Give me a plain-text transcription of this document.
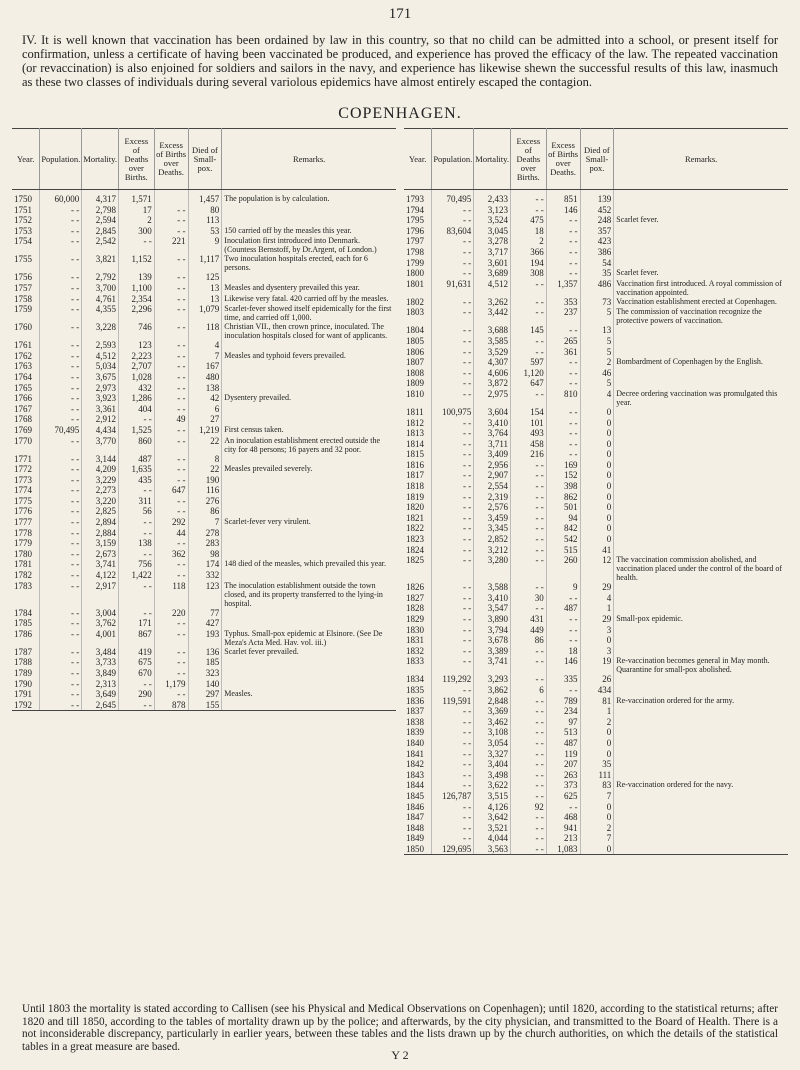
171

IV. It is well known that vaccination has been ordained by law in this country, so that no child can be admitted into a school, or present itself for confirmation, unless a certificate of having been vaccinated be produced, and experience has proved the efficacy of the law. The repeated vaccination (or revaccination) is also enjoined for soldiers and sailors in the navy, and experience has likewise shewn the successful results of this law, inasmuch as these two classes of individuals during several variolous epidemics have almost entirely escaped the contagion.

COPENHAGEN.
Year.	Population.	Mortality.	Excess of Deaths over Births.	Excess of Births over Deaths.	Died of Small-pox.	Remarks.
1750	60,000	4,317	1,571		1,457	The population is by calculation.
1751	- -	2,798	17	- -	80	
1752	- -	2,594	2	- -	113	
1753	- -	2,845	300	- -	53	150 carried off by the measles this year.
1754	- -	2,542	- -	221	9	Inoculation first introduced into Denmark. (Countess Bernstoff, by Dr.Argent, of London.)
1755	- -	3,821	1,152	- -	1,117	Two inoculation hospitals erected, each for 6 persons.
1756	- -	2,792	139	- -	125	
1757	- -	3,700	1,100	- -	13	Measles and dysentery prevailed this year.
1758	- -	4,761	2,354	- -	13	Likewise very fatal. 420 carried off by the measles.
1759	- -	4,355	2,296	- -	1,079	Scarlet-fever showed itself epidemically for the first time, and carried off 1,000.
1760	- -	3,228	746	- -	118	Christian VII., then crown prince, inoculated. The inoculation hospitals closed for want of applicants.
1761	- -	2,593	123	- -	4	
1762	- -	4,512	2,223	- -	7	Measles and typhoid fevers prevailed.
1763	- -	5,034	2,707	- -	167	
1764	- -	3,675	1,028	- -	480	
1765	- -	2,973	432	- -	138	
1766	- -	3,923	1,286	- -	42	Dysentery prevailed.
1767	- -	3,361	404	- -	6	
1768	- -	2,912	- -	49	27	
1769	70,495	4,434	1,525	- -	1,219	First census taken.
1770	- -	3,770	860	- -	22	An inoculation establishment erected outside the city for 48 persons; 16 payers and 32 poor.
1771	- -	3,144	487	- -	8	
1772	- -	4,209	1,635	- -	22	Measles prevailed severely.
1773	- -	3,229	435	- -	190	
1774	- -	2,273	- -	647	116	
1775	- -	3,220	311	- -	276	
1776	- -	2,825	56	- -	86	
1777	- -	2,894	- -	292	7	Scarlet-fever very virulent.
1778	- -	2,884	- -	44	278	
1779	- -	3,159	138	- -	283	
1780	- -	2,673	- -	362	98	
1781	- -	3,741	756	- -	174	148 died of the measles, which prevailed this year.
1782	- -	4,122	1,422	- -	332	
1783	- -	2,917	- -	118	123	The inoculation establishment outside the town closed, and its property transferred to the lying-in hospital.
1784	- -	3,004	- -	220	77	
1785	- -	3,762	171	- -	427	
1786	- -	4,001	867	- -	193	Typhus. Small-pox epidemic at Elsinore. (See De Meza's Acta Med. Hav. vol. iii.)
1787	- -	3,484	419	- -	136	Scarlet fever prevailed.
1788	- -	3,733	675	- -	185	
1789	- -	3,849	670	- -	323	
1790	- -	2,313	- -	1,179	140	
1791	- -	3,649	290	- -	297	Measles.
1792	- -	2,645	- -	878	155	
Year.	Population.	Mortality.	Excess of Deaths over Births.	Excess of Births over Deaths.	Died of Small-pox.	Remarks.
1793	70,495	2,433	- -	851	139	
1794	- -	3,123	- -	146	452	
1795	- -	3,524	475	- -	248	Scarlet fever.
1796	83,604	3,045	18	- -	357	
1797	- -	3,278	2	- -	423	
1798	- -	3,717	366	- -	386	
1799	- -	3,601	194	- -	54	
1800	- -	3,689	308	- -	35	Scarlet fever.
1801	91,631	4,512	- -	1,357	486	Vaccination first introduced. A royal commission of vaccination appointed.
1802	- -	3,262	- -	353	73	Vaccination establishment erected at Copenhagen.
1803	- -	3,442	- -	237	5	The commission of vaccination recognize the protective powers of vaccination.
1804	- -	3,688	145	- -	13	
1805	- -	3,585	- -	265	5	
1806	- -	3,529	- -	361	5	
1807	- -	4,307	597	- -	2	Bombardment of Copenhagen by the English.
1808	- -	4,606	1,120	- -	46	
1809	- -	3,872	647	- -	5	
1810	- -	2,975	- -	810	4	Decree ordering vaccination was promulgated this year.
1811	100,975	3,604	154	- -	0	
1812	- -	3,410	101	- -	0	
1813	- -	3,764	493	- -	0	
1814	- -	3,711	458	- -	0	
1815	- -	3,409	216	- -	0	
1816	- -	2,956	- -	169	0	
1817	- -	2,907	- -	152	0	
1818	- -	2,554	- -	398	0	
1819	- -	2,319	- -	862	0	
1820	- -	2,576	- -	501	0	
1821	- -	3,459	- -	94	0	
1822	- -	3,345	- -	842	0	
1823	- -	2,852	- -	542	0	
1824	- -	3,212	- -	515	41	
1825	- -	3,280	- -	260	12	The vaccination commission abolished, and vaccination placed under the control of the board of health.
1826	- -	3,588	- -	9	29	
1827	- -	3,410	30	- -	4	
1828	- -	3,547	- -	487	1	
1829	- -	3,890	431	- -	29	Small-pox epidemic.
1830	- -	3,794	449	- -	3	
1831	- -	3,678	86	- -	0	
1832	- -	3,389	- -	18	3	
1833	- -	3,741	- -	146	19	Re-vaccination becomes general in May month. Quarantine for small-pox abolished.
1834	119,292	3,293	- -	335	26	
1835	- -	3,862	6	- -	434	
1836	119,591	2,848	- -	789	81	Re-vaccination ordered for the army.
1837	- -	3,369	- -	234	1	
1838	- -	3,462	- -	97	2	
1839	- -	3,108	- -	513	0	
1840	- -	3,054	- -	487	0	
1841	- -	3,327	- -	119	0	
1842	- -	3,404	- -	207	35	
1843	- -	3,498	- -	263	111	
1844	- -	3,622	- -	373	83	Re-vaccination ordered for the navy.
1845	126,787	3,515	- -	625	7	
1846	- -	4,126	92	- -	0	
1847	- -	3,642	- -	468	0	
1848	- -	3,521	- -	941	2	
1849	- -	4,044	- -	213	7	
1850	129,695	3,563	- -	1,083	0	

Until 1803 the mortality is stated according to Callisen (see his Physical and Medical Observations on Copenhagen); until 1820, according to the statistical returns; after 1820 and till 1850, according to the tables of mortality drawn up by the police; and afterwards, by the city physician, and transmitted to the Board of Health. There is a not inconsiderable discrepancy, particularly in earlier years, between these tables and the lists drawn up by the church authorities, on which the details of the statistical tables in a great measure are based.

Y 2
